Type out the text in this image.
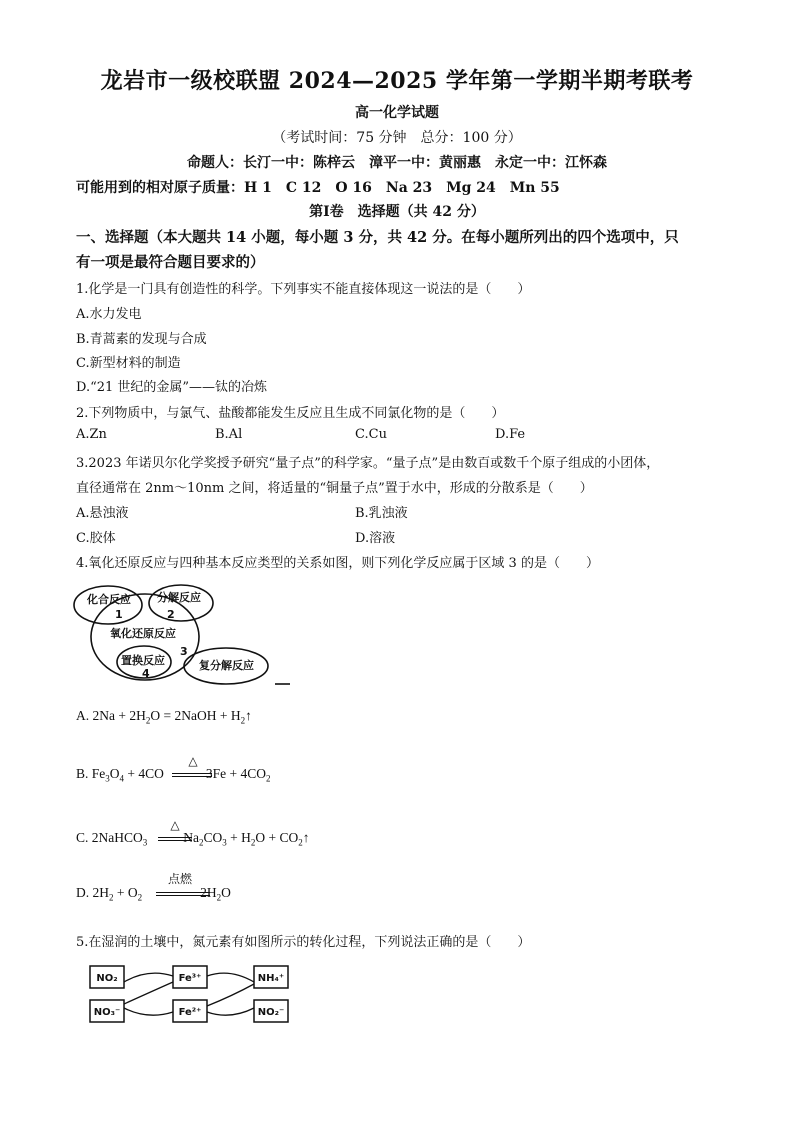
龙岩市一级校联盟 2024—2025 学年第一学期半期考联考
高一化学试题
（考试时间：75 分钟　总分：100 分）
命题人：长汀一中：陈梓云　漳平一中：黄丽惠　永定一中：江怀森
可能用到的相对原子质量：H 1　C 12　O 16　Na 23　Mg 24　Mn 55
第Ⅰ卷　选择题（共 42 分）
一、选择题（本大题共 14 小题，每小题 3 分，共 42 分。在每小题所列出的四个选项中，只
有一项是最符合题目要求的）
1.化学是一门具有创造性的科学。下列事实不能直接体现这一说法的是（　　）
A.水力发电
B.青蒿素的发现与合成
C.新型材料的制造
D.“21 世纪的金属”——钛的冶炼
2.下列物质中，与氯气、盐酸都能发生反应且生成不同氯化物的是（　　）
A.Zn	B.Al	C.Cu	D.Fe
3.2023 年诺贝尔化学奖授予研究“量子点”的科学家。“量子点”是由数百或数千个原子组成的小团体，
直径通常在 2nm～10nm 之间，将适量的“铜量子点”置于水中，形成的分散系是（　　）
A.悬浊液	B.乳浊液
C.胶体	D.溶液
4.氧化还原反应与四种基本反应类型的关系如图，则下列化学反应属于区域 3 的是（　　）
化合反应 分解反应
氧化还原反应
置换反应	复分解反应
1	2
3
4
A. $2Na + 2H_2O$ = 2NaOH + $H_2↑$
△
B. $Fe_3O_4 + 4CO$	$3Fe + 4CO_2$
△
C. 2NaHCO$_3$	$Na_2CO_3 + H_2O$ + $CO_2↑$
点燃
D. $2H_2 + O_2$	$2H_2O$
5.在湿润的土壤中，氮元素有如图所示的转化过程，下列说法正确的是（　　）
NO₂
NO₃⁻
Fe³⁺
Fe²⁺
NH₄⁺
NO₂⁻
